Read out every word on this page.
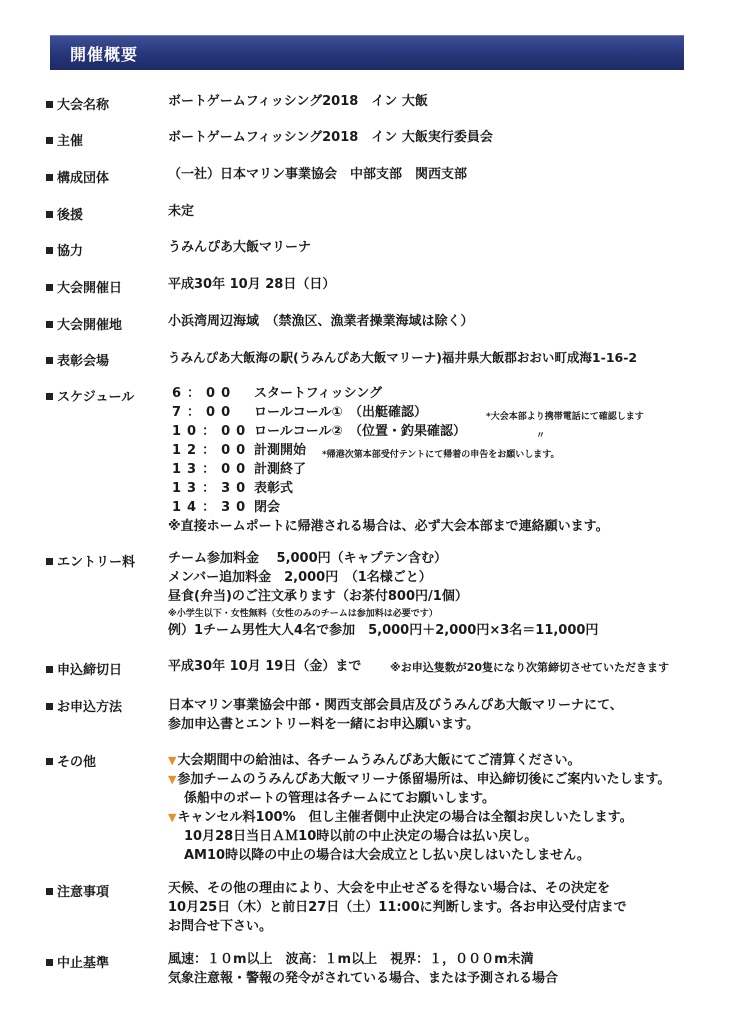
開催概要
大会名称	ボートゲームフィッシング2018　イン 大飯
主催	ボートゲームフィッシング2018　イン 大飯実行委員会
構成団体	（一社）日本マリン事業協会　中部支部　関西支部
後援	未定
協力	うみんぴあ大飯マリーナ
大会開催日	平成30年 10月 28日（日）
大会開催地	小浜湾周辺海域　（禁漁区、漁業者操業海域は除く）
表彰会場	うみんぴあ大飯海の駅(うみんぴあ大飯マリーナ)福井県大飯郡おおい町成海1-16-2
スケジュール	6：00 スタートフィッシング
7：00 ロールコール①　（出艇確認）
10：00 ロールコール②　（位置・釣果確認）
12：00 計測開始
13：00 計測終了
13：30 表彰式
14：30 閉会
*大会本部より携帯電話にて確認します
〃
*帰港次第本部受付テントにて帰着の申告をお願いします。
※直接ホームポートに帰港される場合は、必ず大会本部まで連絡願います。
エントリー料	チーム参加料金　 5,000円（キャプテン含む）
メンバー追加料金　2,000円　（1名様ごと）
昼食(弁当)のご注文承ります（お茶付800円/1個）
※小学生以下・女性無料（女性のみのチームは参加料は必要です）
例）1チーム男性大人4名で参加　5,000円＋2,000円×3名＝11,000円
申込締切日	平成30年 10月 19日（金）まで	※お申込隻数が20隻になり次第締切させていただきます
お申込方法	日本マリン事業協会中部・関西支部会員店及びうみんぴあ大飯マリーナにて、
参加申込書とエントリー料を一緒にお申込願います。
その他	▼大会期間中の給油は、各チームうみんぴあ大飯にてご清算ください。
▼参加チームのうみんぴあ大飯マリーナ係留場所は、申込締切後にご案内いたします。
係船中のボートの管理は各チームにてお願いします。
▼キャンセル料100%　但し主催者側中止決定の場合は全額お戻しいたします。
10月28日当日ＡＭ10時以前の中止決定の場合は払い戻し。
AM10時以降の中止の場合は大会成立とし払い戻しはいたしません。
注意事項	天候、その他の理由により、大会を中止せざるを得ない場合は、その決定を
10月25日（木）と前日27日（土）11:00に判断します。各お申込受付店まで
お問合せ下さい。
中止基準	風速：１０m以上　波高：１m以上　視界：１，０００m未満
気象注意報・警報の発令がされている場合、または予測される場合
